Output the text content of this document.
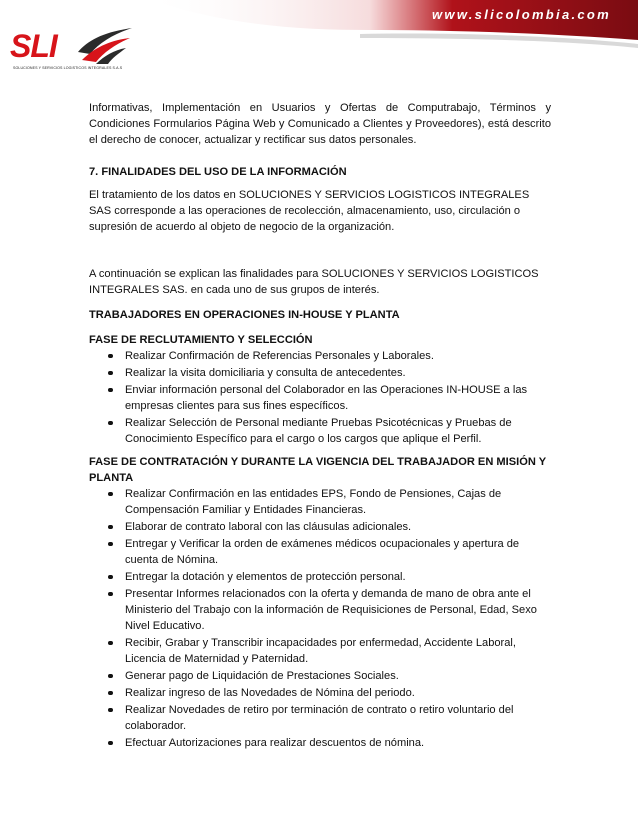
www.slicolombia.com
SLI
SOLUCIONES Y SERVICIOS LOGISTICOS INTEGRALES S.A.S

Informativas, Implementación en Usuarios y Ofertas de Computrabajo, Términos y Condiciones Formularios Página Web y Comunicado a Clientes y Proveedores), está descrito el derecho de conocer, actualizar y rectificar sus datos personales.

7. FINALIDADES DEL USO DE LA INFORMACIÓN

El tratamiento de los datos en SOLUCIONES Y SERVICIOS LOGISTICOS INTEGRALES SAS corresponde a las operaciones de recolección, almacenamiento, uso, circulación o supresión de acuerdo al objeto de negocio de la organización.

A continuación se explican las finalidades para SOLUCIONES Y SERVICIOS LOGISTICOS INTEGRALES SAS. en cada uno de sus grupos de interés.

TRABAJADORES EN OPERACIONES IN-HOUSE Y PLANTA

FASE DE RECLUTAMIENTO Y SELECCIÓN

Realizar Confirmación de Referencias Personales y Laborales.
Realizar la visita domiciliaria y consulta de antecedentes.
Enviar información personal del Colaborador en las Operaciones IN-HOUSE a las empresas clientes para sus fines específicos.
Realizar Selección de Personal mediante Pruebas Psicotécnicas y Pruebas de Conocimiento Específico para el cargo o los cargos que aplique el Perfil.

FASE DE CONTRATACIÓN Y DURANTE LA VIGENCIA DEL TRABAJADOR EN MISIÓN Y PLANTA

Realizar Confirmación en las entidades EPS, Fondo de Pensiones, Cajas de Compensación Familiar y Entidades Financieras.
Elaborar de contrato laboral con las cláusulas adicionales.
Entregar y Verificar la orden de exámenes médicos ocupacionales y apertura de cuenta de Nómina.
Entregar la dotación y elementos de protección personal.
Presentar Informes relacionados con la oferta y demanda de mano de obra ante el Ministerio del Trabajo con la información de Requisiciones de Personal, Edad, Sexo Nivel Educativo.
Recibir, Grabar y Transcribir incapacidades por enfermedad, Accidente Laboral, Licencia de Maternidad y Paternidad.
Generar pago de Liquidación de Prestaciones Sociales.
Realizar ingreso de las Novedades de Nómina del periodo.
Realizar Novedades de retiro por terminación de contrato o retiro voluntario del colaborador.
Efectuar Autorizaciones para realizar descuentos de nómina.
